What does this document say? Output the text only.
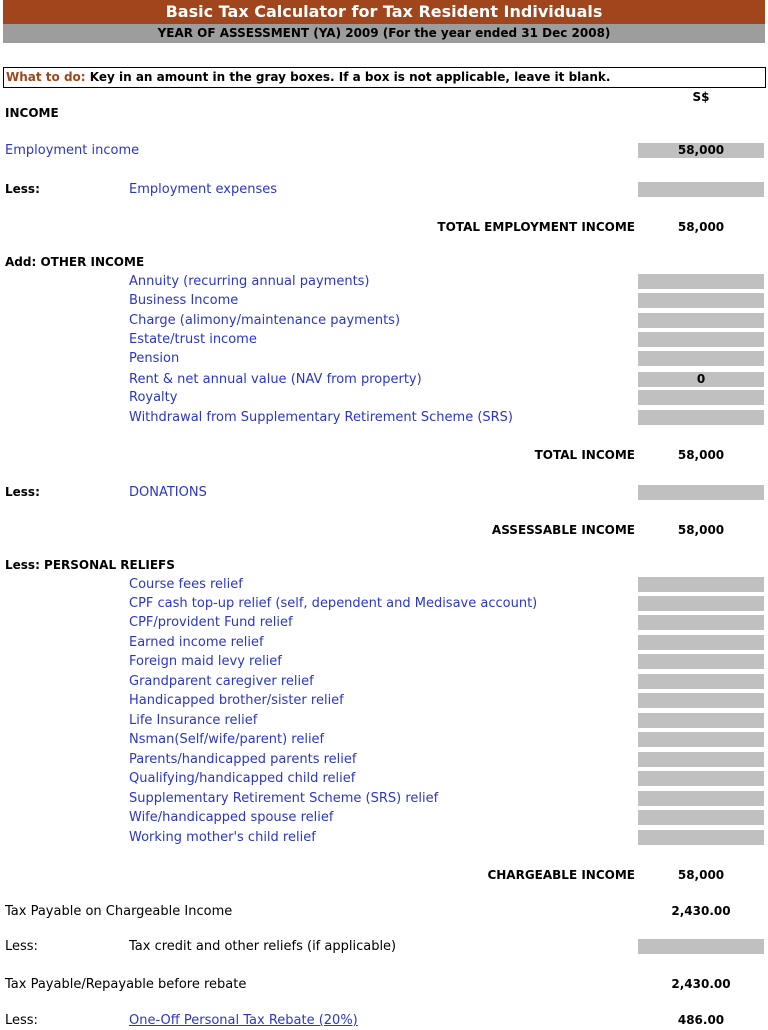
Basic Tax Calculator for Tax Resident Individuals
YEAR OF ASSESSMENT (YA) 2009 (For the year ended 31 Dec 2008)
What to do: Key in an amount in the gray boxes. If a box is not applicable, leave it blank.
S$
INCOME
Employment income	58,000
Less:	Employment expenses
TOTAL EMPLOYMENT INCOME	58,000
Add: OTHER INCOME
Annuity (recurring annual payments)
Business Income
Charge (alimony/maintenance payments)
Estate/trust income
Pension
Rent & net annual value (NAV from property)	0
Royalty
Withdrawal from Supplementary Retirement Scheme (SRS)
TOTAL INCOME	58,000
Less:	DONATIONS
ASSESSABLE INCOME	58,000
Less: PERSONAL RELIEFS
Course fees relief
CPF cash top-up relief (self, dependent and Medisave account)
CPF/provident Fund relief
Earned income relief
Foreign maid levy relief
Grandparent caregiver relief
Handicapped brother/sister relief
Life Insurance relief
Nsman(Self/wife/parent) relief
Parents/handicapped parents relief
Qualifying/handicapped child relief
Supplementary Retirement Scheme (SRS) relief
Wife/handicapped spouse relief
Working mother's child relief
CHARGEABLE INCOME	58,000
Tax Payable on Chargeable Income	2,430.00
Less:	Tax credit and other reliefs (if applicable)
Tax Payable/Repayable before rebate	2,430.00
Less:	One-Off Personal Tax Rebate (20%)	486.00
